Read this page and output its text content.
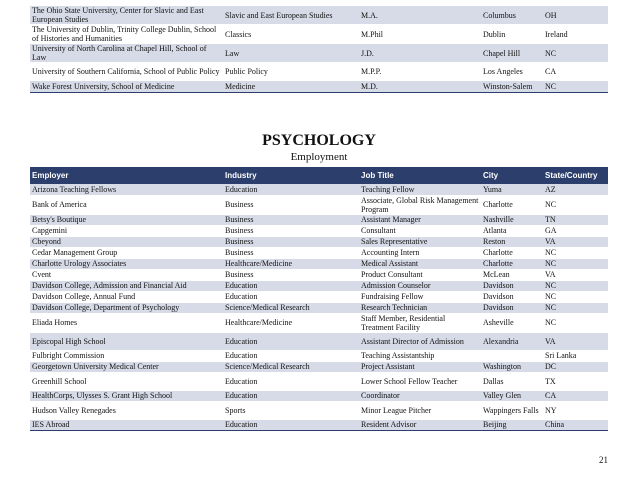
The Ohio State University, Center for Slavic and East European Studies	Slavic and East European Studies	M.A.	Columbus	OH
The University of Dublin, Trinity College Dublin, School of Histories and Humanities	Classics	M.Phil	Dublin	Ireland
University of North Carolina at Chapel Hill, School of Law	Law	J.D.	Chapel Hill	NC
University of Southern California, School of Public Policy	Public Policy	M.P.P.	Los Angeles	CA
Wake Forest University, School of Medicine	Medicine	M.D.	Winston-Salem	NC
PSYCHOLOGY
Employment
Employer	Industry	Job Title	City	State/Country
Arizona Teaching Fellows	Education	Teaching Fellow	Yuma	AZ
Bank of America	Business	Associate, Global Risk Management Program	Charlotte	NC
Betsy's Boutique	Business	Assistant Manager	Nashville	TN
Capgemini	Business	Consultant	Atlanta	GA
Cbeyond	Business	Sales Representative	Reston	VA
Cedar Management Group	Business	Accounting Intern	Charlotte	NC
Charlotte Urology Associates	Healthcare/Medicine	Medical Assistant	Charlotte	NC
Cvent	Business	Product Consultant	McLean	VA
Davidson College, Admission and Financial Aid	Education	Admission Counselor	Davidson	NC
Davidson College, Annual Fund	Education	Fundraising Fellow	Davidson	NC
Davidson College, Department of Psychology	Science/Medical Research	Research Technician	Davidson	NC
Eliada Homes	Healthcare/Medicine	Staff Member, Residential Treatment Facility	Asheville	NC
Episcopal High School	Education	Assistant Director of Admission	Alexandria	VA
Fulbright Commission	Education	Teaching Assistantship		Sri Lanka
Georgetown University Medical Center	Science/Medical Research	Project Assistant	Washington	DC
Greenhill School	Education	Lower School Fellow Teacher	Dallas	TX
HealthCorps, Ulysses S. Grant High School	Education	Coordinator	Valley Glen	CA
Hudson Valley Renegades	Sports	Minor League Pitcher	Wappingers Falls	NY
IES Abroad	Education	Resident Advisor	Beijing	China
21
